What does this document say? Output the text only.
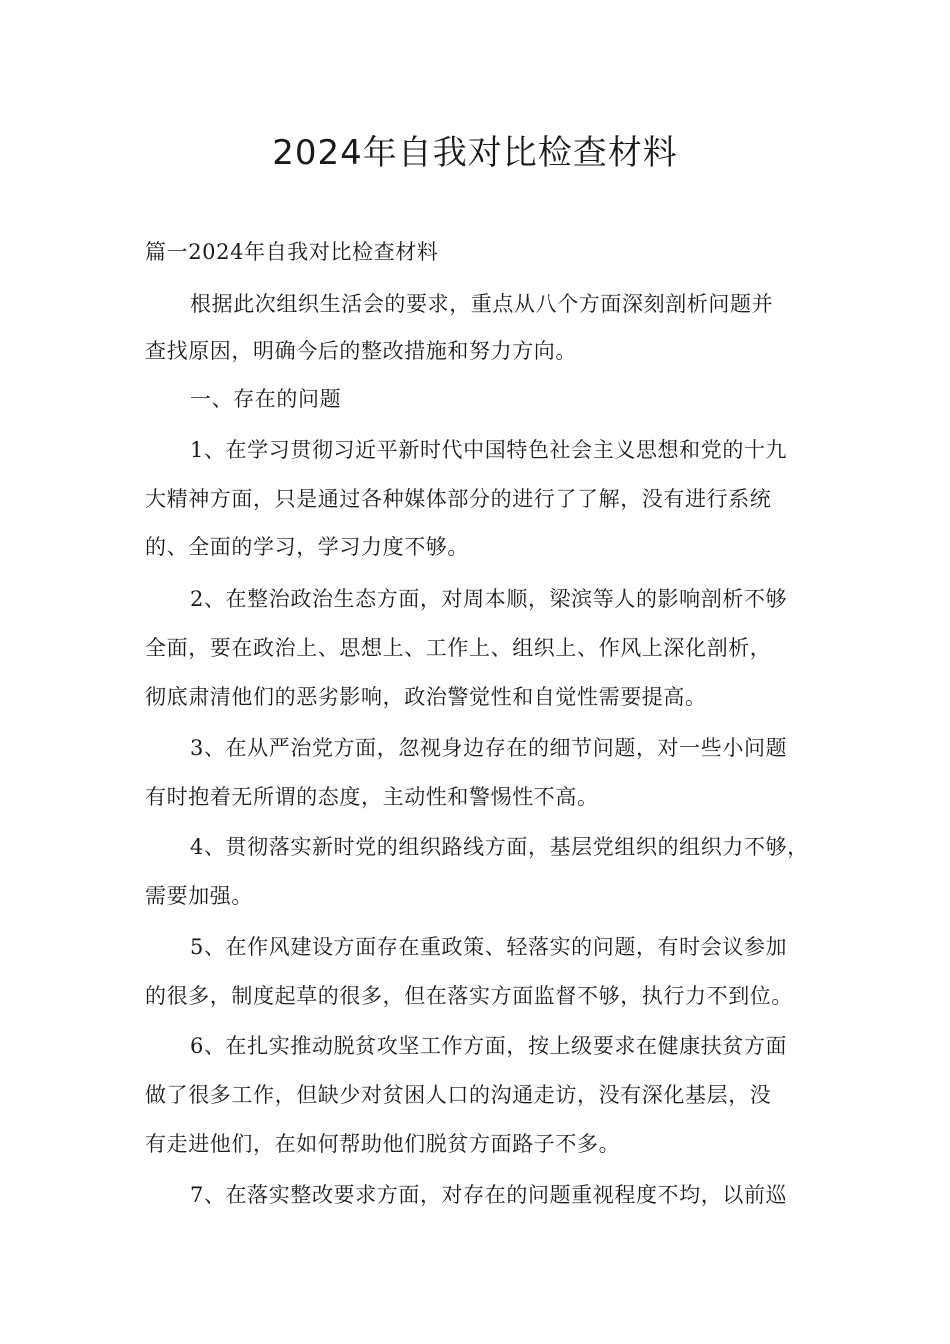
2024年自我对比检查材料

篇一2024年自我对比检查材料

根据此次组织生活会的要求，重点从八个方面深刻剖析问题并

查找原因，明确今后的整改措施和努力方向。

一、存在的问题

1、在学习贯彻习近平新时代中国特色社会主义思想和党的十九

大精神方面，只是通过各种媒体部分的进行了了解，没有进行系统

的、全面的学习，学习力度不够。

2、在整治政治生态方面，对周本顺，梁滨等人的影响剖析不够

全面，要在政治上、思想上、工作上、组织上、作风上深化剖析，

彻底肃清他们的恶劣影响，政治警觉性和自觉性需要提高。

3、在从严治党方面，忽视身边存在的细节问题，对一些小问题

有时抱着无所谓的态度，主动性和警惕性不高。

4、贯彻落实新时党的组织路线方面，基层党组织的组织力不够，

需要加强。

5、在作风建设方面存在重政策、轻落实的问题，有时会议参加

的很多，制度起草的很多，但在落实方面监督不够，执行力不到位。

6、在扎实推动脱贫攻坚工作方面，按上级要求在健康扶贫方面

做了很多工作，但缺少对贫困人口的沟通走访，没有深化基层，没

有走进他们，在如何帮助他们脱贫方面路子不多。

7、在落实整改要求方面，对存在的问题重视程度不均，以前巡
